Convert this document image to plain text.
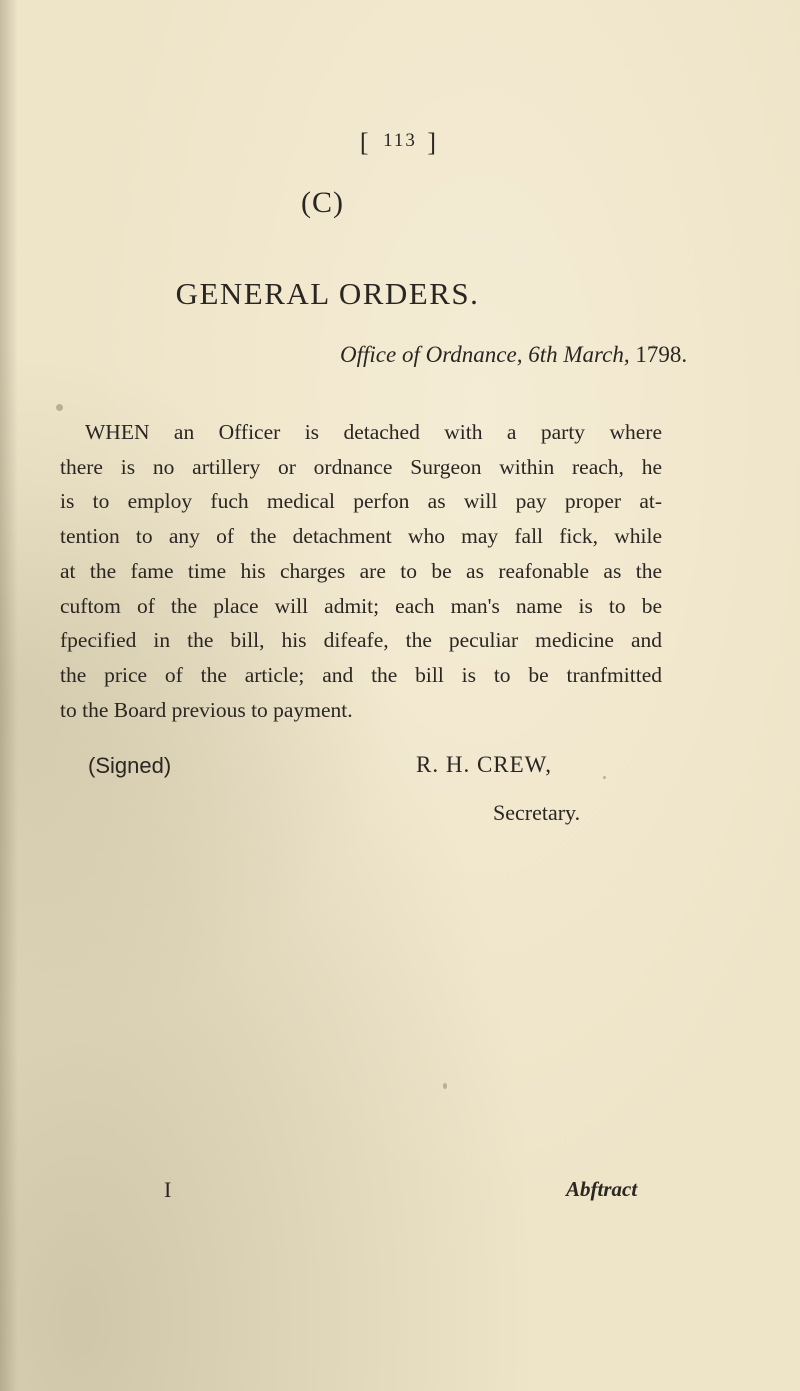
[ 113 ]
(C)
GENERAL ORDERS.
Office of Ordnance, 6th March, 1798.
WHEN an Officer is detached with a party where
there is no artillery or ordnance Surgeon within reach, he
is to employ fuch medical perfon as will pay proper at-
tention to any of the detachment who may fall fick, while
at the fame time his charges are to be as reafonable as the
cuftom of the place will admit; each man's name is to be
fpecified in the bill, his difeafe, the peculiar medicine and
the price of the article; and the bill is to be tranfmitted
to the Board previous to payment.
(Signed)	R. H. CREW,
Secretary.
I	Abftract
